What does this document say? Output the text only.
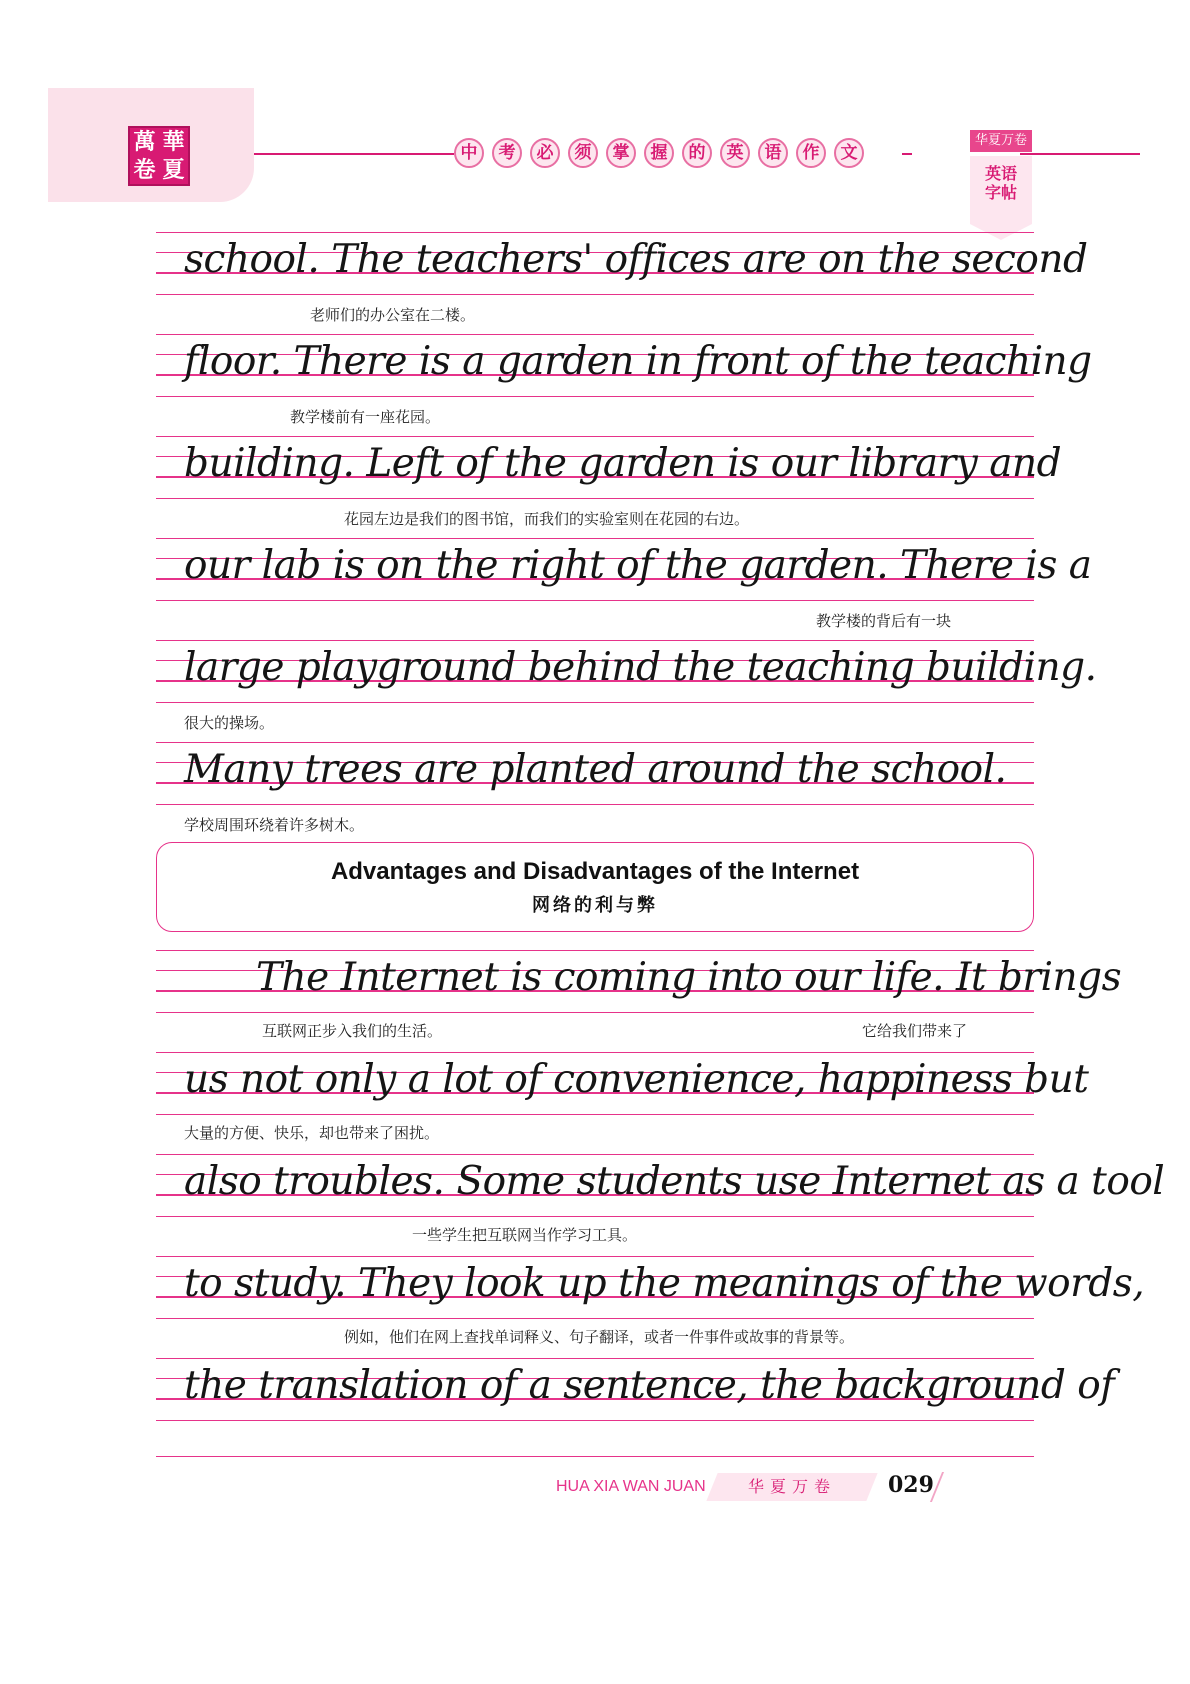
萬 華
卷 夏
中	考	必	须	掌	握	的	英	语	作	文
华夏万卷
英语
字帖
school. The teachers' offices are on the second
老师们的办公室在二楼。
floor. There is a garden in front of the teaching
教学楼前有一座花园。
building. Left of the garden is our library and
花园左边是我们的图书馆，而我们的实验室则在花园的右边。
our lab is on the right of the garden. There is a
教学楼的背后有一块
large playground behind the teaching building.
很大的操场。
Many trees are planted around the school.
学校周围环绕着许多树木。
Advantages and Disadvantages of the Internet
网络的利与弊
The Internet is coming into our life. It brings
互联网正步入我们的生活。	它给我们带来了
us not only a lot of convenience, happiness but
大量的方便、快乐，却也带来了困扰。
also troubles. Some students use Internet as a tool
一些学生把互联网当作学习工具。
to study. They look up the meanings of the words,
例如，他们在网上查找单词释义、句子翻译，或者一件事件或故事的背景等。
the translation of a sentence, the background of
HUA XIA WAN JUAN	华夏万卷	029
